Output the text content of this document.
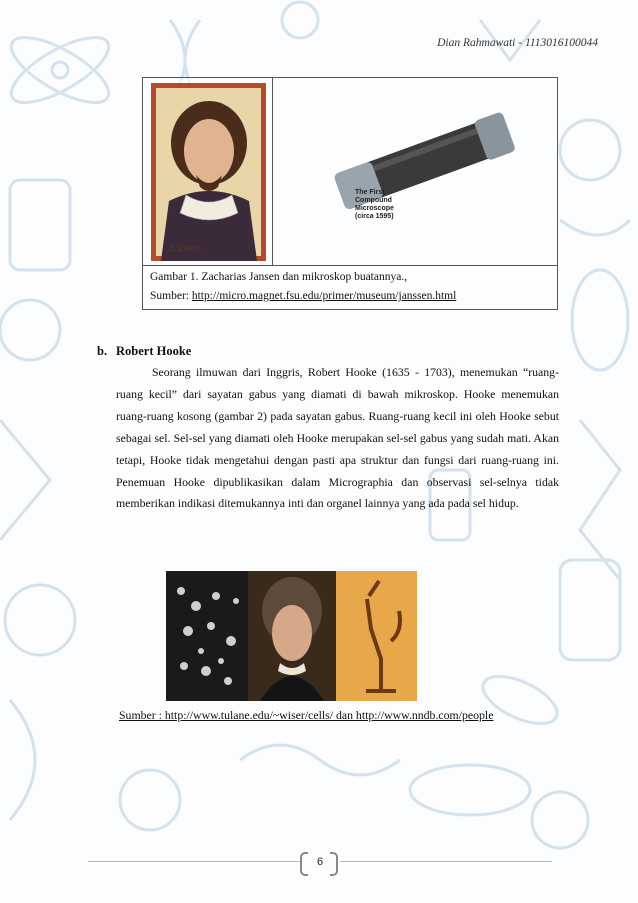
Dian Rahmawati - 1113016100044
Z. Zansz.
The First
Compound
Microscope
(circa 1595)
Gambar 1. Zacharias Jansen dan mikroskop buatannya.,
Sumber: http://micro.magnet.fsu.edu/primer/museum/janssen.html
b. Robert Hooke

Seorang ilmuwan dari Inggris, Robert Hooke (1635 - 1703), menemukan “ruang-ruang kecil” dari sayatan gabus yang diamati di bawah mikroskop. Hooke menemukan ruang-ruang kosong (gambar 2) pada sayatan gabus. Ruang-ruang kecil ini oleh Hooke sebut sebagai sel. Sel-sel yang diamati oleh Hooke merupakan sel-sel gabus yang sudah mati. Akan tetapi, Hooke tidak mengetahui dengan pasti apa struktur dan fungsi dari ruang-ruang ini. Penemuan Hooke dipublikasikan dalam Micrographia dan observasi sel-selnya tidak memberikan indikasi ditemukannya inti dan organel lainnya yang ada pada sel hidup.

Sumber : http://www.tulane.edu/~wiser/cells/ dan http://www.nndb.com/people
6
